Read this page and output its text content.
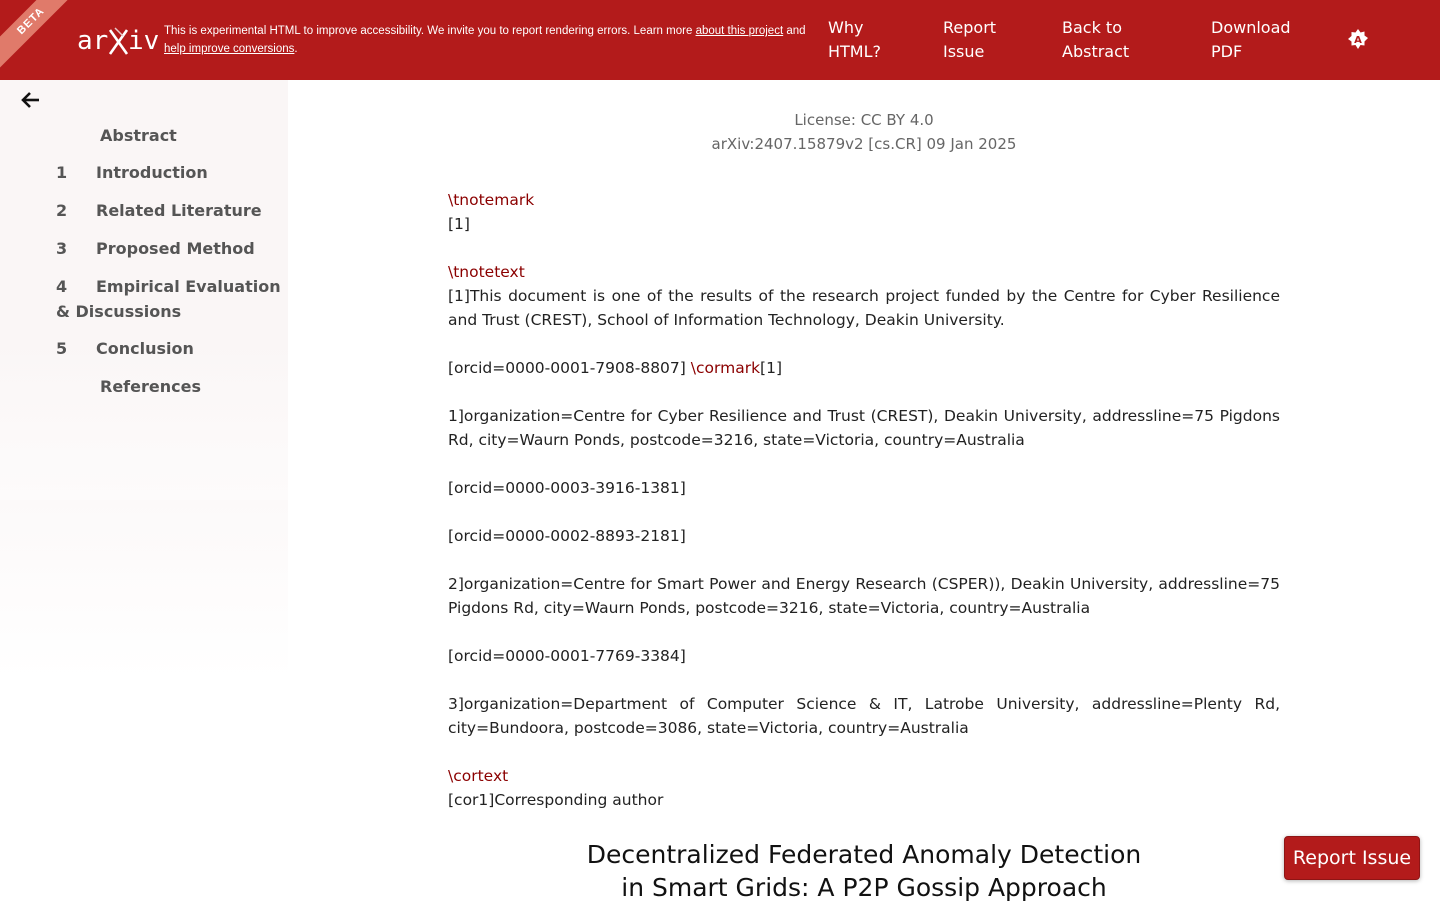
BETA
ar iv This is experimental HTML to improve accessibility. We invite you to report rendering errors. Learn more about this project and
help improve conversions.
Why
HTML?
Report
Issue
Back to
Abstract
Download
PDF
A
Abstract
1	Introduction
2	Related Literature
3	Proposed Method
4	Empirical Evaluation
& Discussions
5	Conclusion
References
License: CC BY 4.0
arXiv:2407.15879v2 [cs.CR] 09 Jan 2025
\tnotemark
[1]
\tnotetext
[1]This document is one of the results of the research project funded by the Centre for Cyber Resilience and Trust (CREST), School of Information Technology, Deakin University.
[orcid=0000-0001-7908-8807] \cormark[1]
1]organization=Centre for Cyber Resilience and Trust (CREST), Deakin University, addressline=75 Pigdons Rd, city=Waurn Ponds, postcode=3216, state=Victoria, country=Australia
[orcid=0000-0003-3916-1381]
[orcid=0000-0002-8893-2181]
2]organization=Centre for Smart Power and Energy Research (CSPER)), Deakin University, addressline=75 Pigdons Rd, city=Waurn Ponds, postcode=3216, state=Victoria, country=Australia
[orcid=0000-0001-7769-3384]
3]organization=Department of Computer Science & IT, Latrobe University, addressline=Plenty Rd, city=Bundoora, postcode=3086, state=Victoria, country=Australia
\cortext
[cor1]Corresponding author
Decentralized Federated Anomaly Detection
in Smart Grids: A P2P Gossip Approach
Report Issue
